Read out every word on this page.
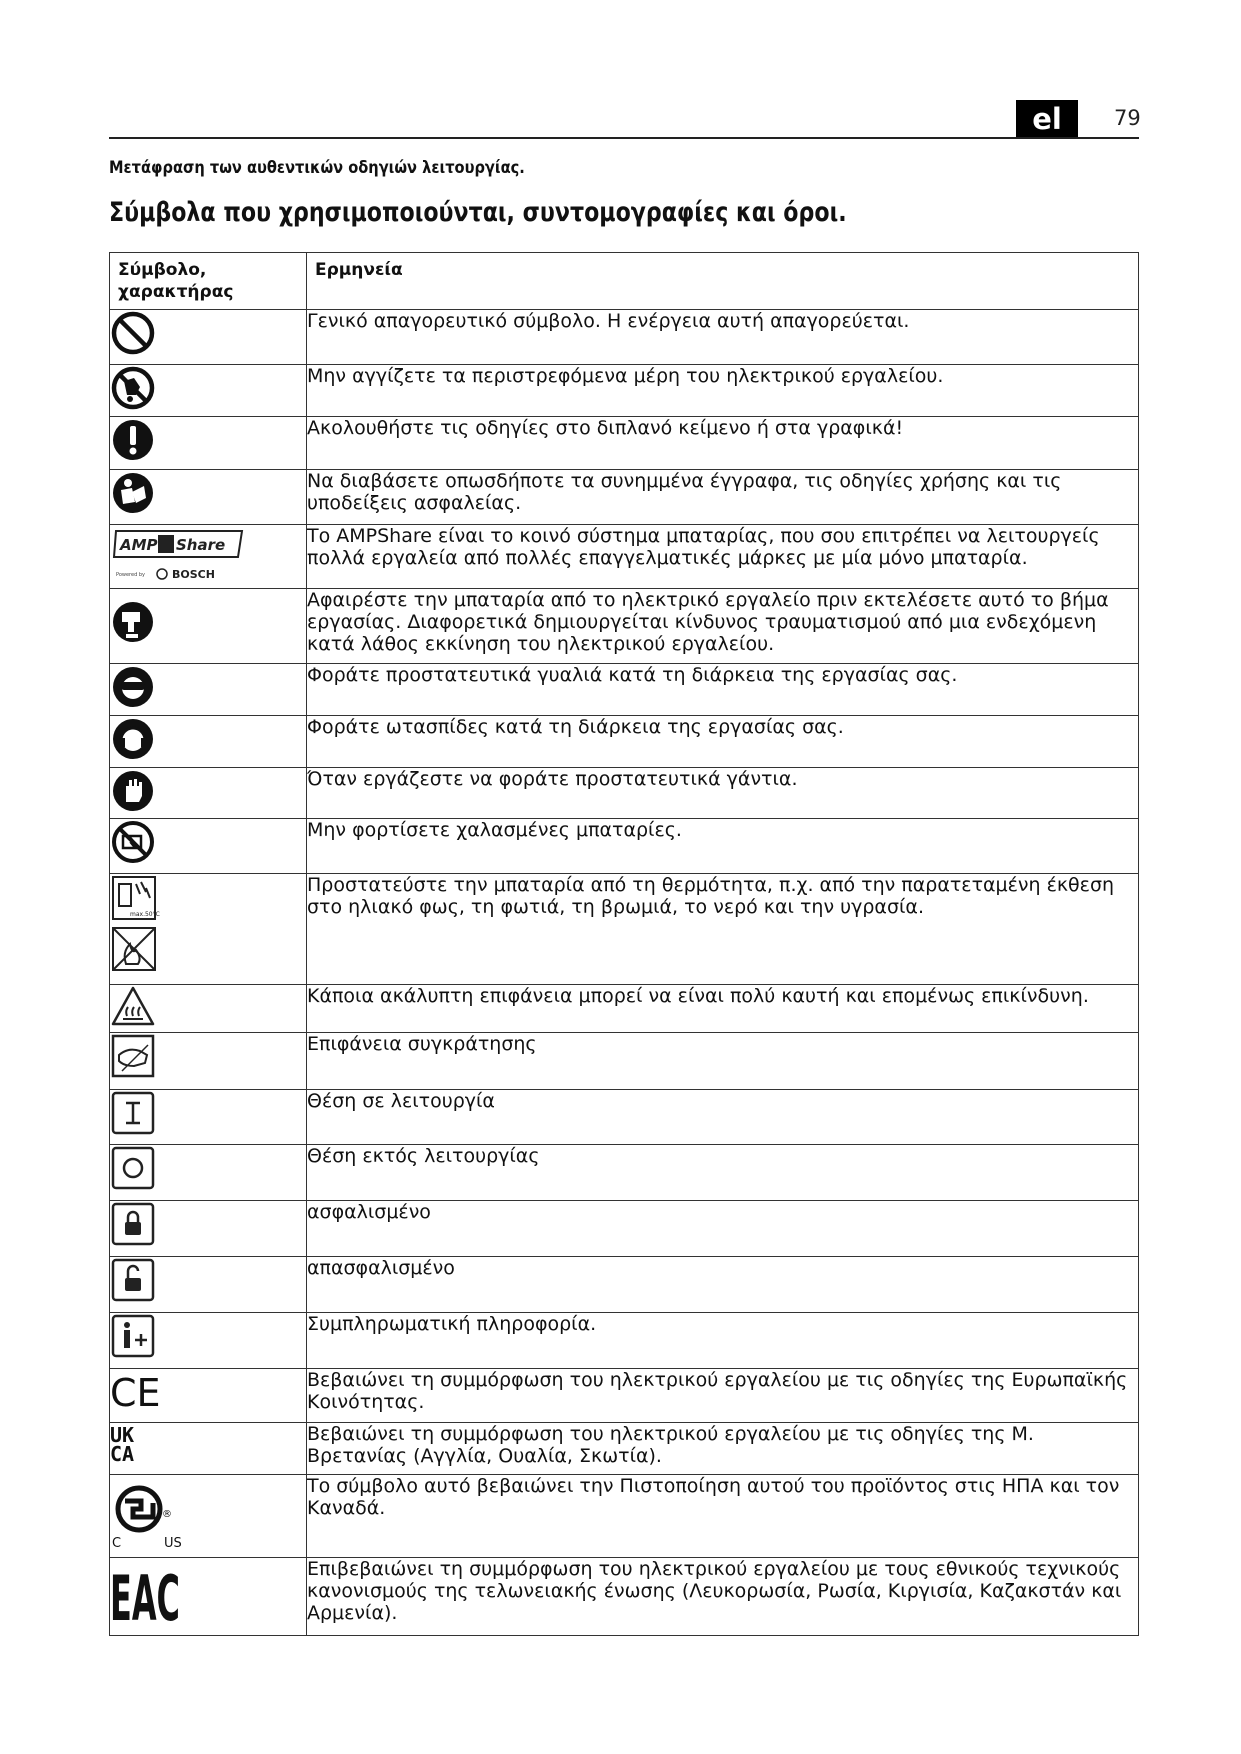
el	79
Μετάφραση των αυθεντικών οδηγιών λειτουργίας.
Σύμβολα που χρησιμοποιούνται, συντομογραφίες και όροι.
Σύμβολο, χαρακτήρας	Ερμηνεία

	Γενικό απαγορευτικό σύμβολο. Η ενέργεια αυτή απαγορεύεται.

	Μην αγγίζετε τα περιστρεφόμενα μέρη του ηλεκτρικού εργαλείου.

	Ακολουθήστε τις οδηγίες στο διπλανό κείμενο ή στα γραφικά!

	Να διαβάσετε οπωσδήποτε τα συνημμένα έγγραφα, τις οδηγίες χρήσης και τις υποδείξεις ασφαλείας.

AMP Share
Powered by BOSCH	Το AMPShare είναι το κοινό σύστημα μπαταρίας, που σου επιτρέπει να λειτουργείς πολλά εργαλεία από πολλές επαγγελματικές μάρκες με μία μόνο μπαταρία.

	Αφαιρέστε την μπαταρία από το ηλεκτρικό εργαλείο πριν εκτελέσετε αυτό το βήμα εργασίας. Διαφορετικά δημιουργείται κίνδυνος τραυματισμού από μια ενδεχόμενη κατά λάθος εκκίνηση του ηλεκτρικού εργαλείου.

	Φοράτε προστατευτικά γυαλιά κατά τη διάρκεια της εργασίας σας.

	Φοράτε ωτασπίδες κατά τη διάρκεια της εργασίας σας.

	Όταν εργάζεστε να φοράτε προστατευτικά γάντια.

	Μην φορτίσετε χαλασμένες μπαταρίες.

max.50°C	Προστατεύστε την μπαταρία από τη θερμότητα, π.χ. από την παρατεταμένη έκθεση στο ηλιακό φως, τη φωτιά, τη βρωμιά, το νερό και την υγρασία.

	Κάποια ακάλυπτη επιφάνεια μπορεί να είναι πολύ καυτή και επομένως επικίνδυνη.

	Επιφάνεια συγκράτησης

	Θέση σε λειτουργία

	Θέση εκτός λειτουργίας

	ασφαλισμένο

	απασφαλισμένο

	Συμπληρωματική πληροφορία.

CE	Βεβαιώνει τη συμμόρφωση του ηλεκτρικού εργαλείου με τις οδηγίες της Ευρωπαϊκής Κοινότητας.

UK
CA	Βεβαιώνει τη συμμόρφωση του ηλεκτρικού εργαλείου με τις οδηγίες της Μ. Βρετανίας (Αγγλία, Ουαλία, Σκωτία).

®
C US	Το σύμβολο αυτό βεβαιώνει την Πιστοποίηση αυτού του προϊόντος στις ΗΠΑ και τον Καναδά.

EAC	Επιβεβαιώνει τη συμμόρφωση του ηλεκτρικού εργαλείου με τους εθνικούς τεχνικούς κανονισμούς της τελωνειακής ένωσης (Λευκορωσία, Ρωσία, Κιργισία, Καζακστάν και Αρμενία).
